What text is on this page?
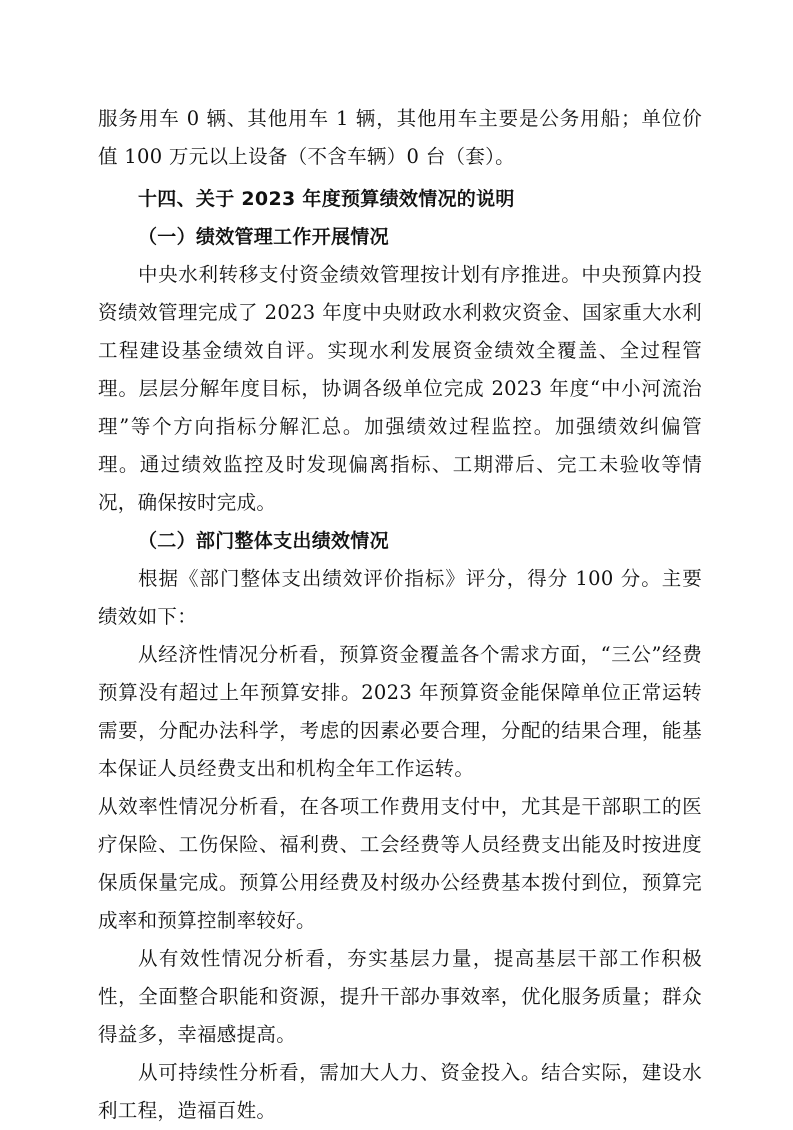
服务用车 0 辆、其他用车 1 辆，其他用车主要是公务用船；单位价值 100 万元以上设备（不含车辆）0 台（套）。

十四、关于 2023 年度预算绩效情况的说明

（一）绩效管理工作开展情况

中央水利转移支付资金绩效管理按计划有序推进。中央预算内投资绩效管理完成了 2023 年度中央财政水利救灾资金、国家重大水利工程建设基金绩效自评。实现水利发展资金绩效全覆盖、全过程管理。层层分解年度目标，协调各级单位完成 2023 年度“中小河流治理”等个方向指标分解汇总。加强绩效过程监控。加强绩效纠偏管理。通过绩效监控及时发现偏离指标、工期滞后、完工未验收等情况，确保按时完成。

（二）部门整体支出绩效情况

根据《部门整体支出绩效评价指标》评分，得分 100 分。主要绩效如下：

从经济性情况分析看，预算资金覆盖各个需求方面，“三公”经费预算没有超过上年预算安排。2023 年预算资金能保障单位正常运转需要，分配办法科学，考虑的因素必要合理，分配的结果合理，能基本保证人员经费支出和机构全年工作运转。

从效率性情况分析看，在各项工作费用支付中，尤其是干部职工的医疗保险、工伤保险、福利费、工会经费等人员经费支出能及时按进度保质保量完成。预算公用经费及村级办公经费基本拨付到位，预算完成率和预算控制率较好。

从有效性情况分析看，夯实基层力量，提高基层干部工作积极性，全面整合职能和资源，提升干部办事效率，优化服务质量；群众得益多，幸福感提高。

从可持续性分析看，需加大人力、资金投入。结合实际，建设水利工程，造福百姓。
